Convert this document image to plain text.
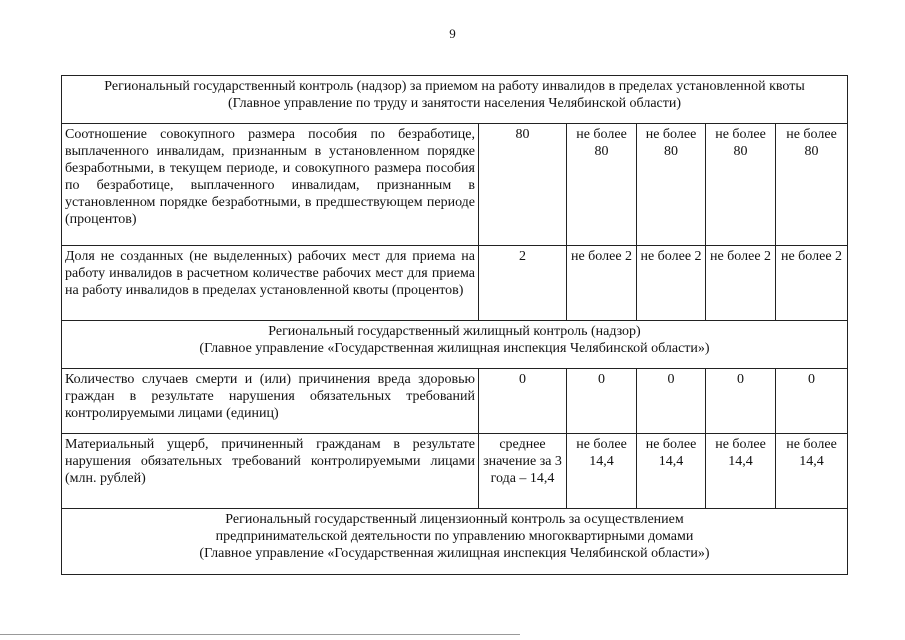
9
Региональный государственный контроль (надзор) за приемом на работу инвалидов в пределах установленной квоты
(Главное управление по труду и занятости населения Челябинской области)					

Соотношение совокупного размера пособия по безработице, выплаченного инвалидам, признанным в установленном порядке безработными, в текущем периоде, и совокупного размера пособия по безработице, выплаченного инвалидам, признанным в установленном порядке безработными, в предшествующем периоде (процентов)	80	не более 80	не более 80	не более 80	не более 80
Доля не созданных (не выделенных) рабочих мест для приема на работу инвалидов в расчетном количестве рабочих мест для приема на работу инвалидов в пределах установленной квоты (процентов)	2	не более 2	не более 2	не более 2	не более 2

Региональный государственный жилищный контроль (надзор)
(Главное управление «Государственная жилищная инспекция Челябинской области»)					

Количество случаев смерти и (или) причинения вреда здоровью граждан в результате нарушения обязательных требований контролируемыми лицами (единиц)	0	0	0	0	0
Материальный ущерб, причиненный гражданам в результате нарушения обязательных требований контролируемыми лицами (млн. рублей)	среднее значение за 3 года – 14,4	не более 14,4	не более 14,4	не более 14,4	не более 14,4

Региональный государственный лицензионный контроль за осуществлением
предпринимательской деятельности по управлению многоквартирными домами
(Главное управление «Государственная жилищная инспекция Челябинской области»)					
